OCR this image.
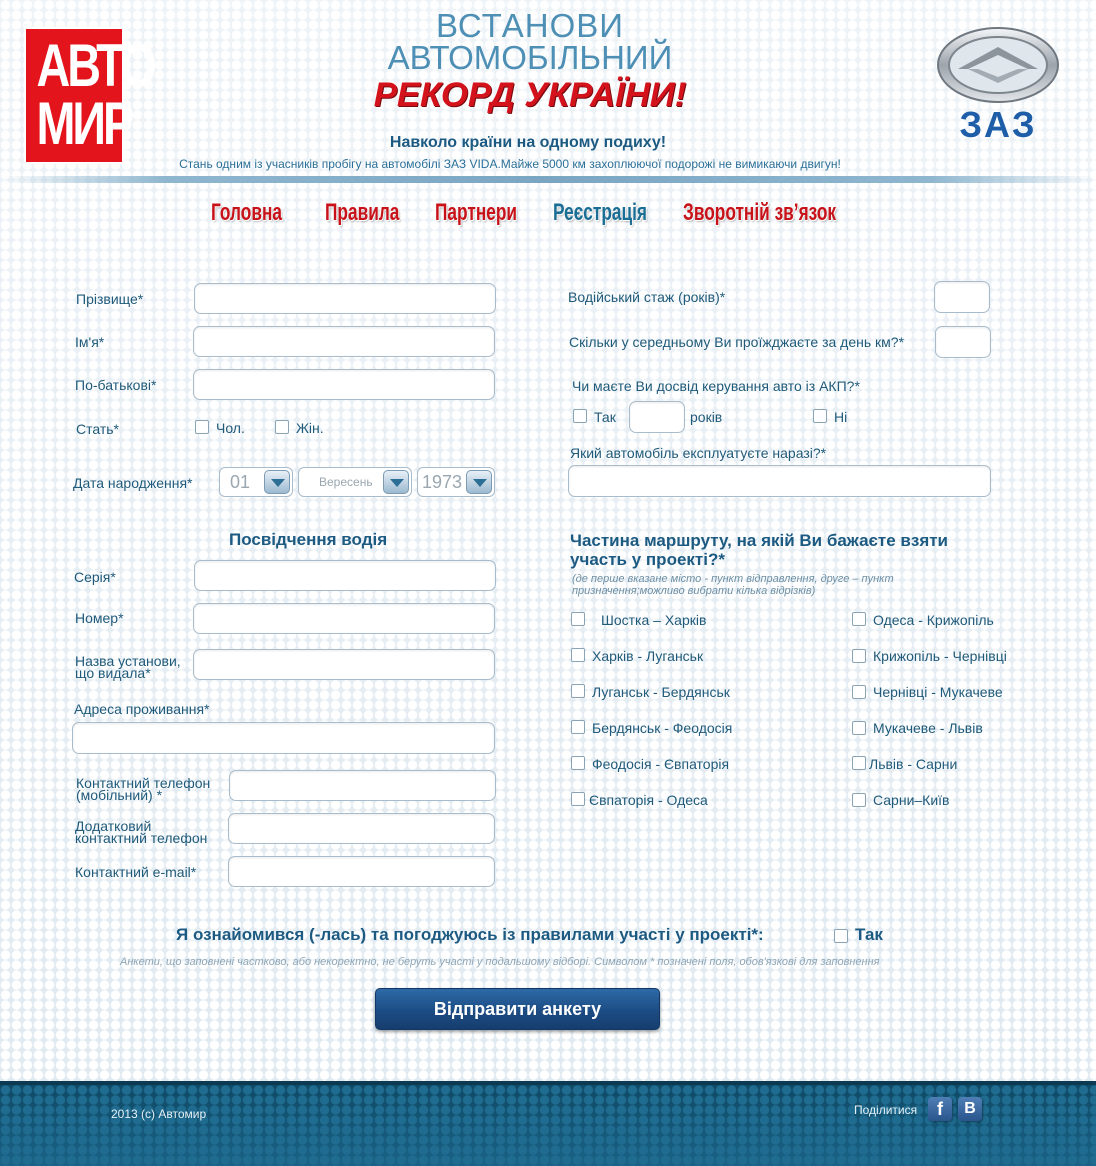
АВТО
МИР
ВСТАНОВИ
АВТОМОБІЛЬНИЙ
РЕКОРД УКРАЇНИ!
ЗАЗ
Навколо країни на одному подиху!
Стань одним із учасників пробігу на автомобілі ЗАЗ VIDA.Майже 5000 км захоплюючої подорожі не вимикаючи двигун!
Головна Правила Партнери Реєстрація Зворотній зв’язок
Прізвище*
Ім'я*
По-батькові*
Стать*	Чол.	Жін.
Дата народження*	01	Вересень	1973
Посвідчення водія
Серія*
Номер*
Назва установи,
що видала*
Адреса проживання*
Контактний телефон
(мобільний) *
Додатковий
контактний телефон
Контактний e-mail*
Водійський стаж (років)*
Скільки у середньому Ви проїжджаєте за день км?*
Чи маєте Ви досвід керування авто із АКП?*
Так	років	Ні
Який автомобіль експлуатуєте наразі?*
Частина маршруту, на якій Ви бажаєте взяти
участь у проекті?*
(де перше вказане місто - пункт відправлення, друге – пункт
призначення;можливо вибрати кілька відрізків)
Шостка – Харків
Харків - Луганськ
Луганськ - Бердянськ
Бердянськ - Феодосія
Феодосія - Євпаторія
Євпаторія - Одеса
Одеса - Крижопіль
Крижопіль - Чернівці
Чернівці - Мукачеве
Мукачеве - Львів
Львів - Сарни
Сарни–Київ
Я ознайомився (-лась) та погоджуюсь із правилами участі у проекті*:	Так
Анкети, що заповнені частково, або некоректно, не беруть участі у подальшому відборі. Символом * позначені поля, обов'язкові для заповнення
Відправити анкету
2013 (с) Автомир	Поділитися	f	В
